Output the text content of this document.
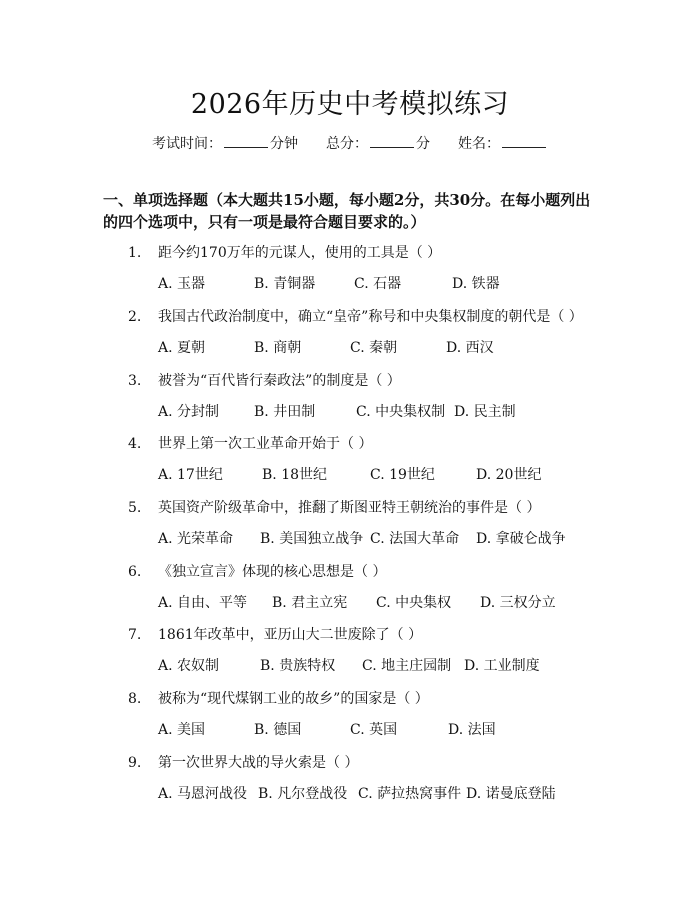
2026年历史中考模拟练习
考试时间：	分钟 总分：	分 姓名：
一、单项选择题（本大题共15小题，每小题2分，共30分。在每小题列出的四个选项中，只有一项是最符合题目要求的。）
1. 距今约170万年的元谋人，使用的工具是（ ）
A. 玉器	B. 青铜器	C. 石器	D. 铁器
2. 我国古代政治制度中，确立“皇帝”称号和中央集权制度的朝代是（ ）
A. 夏朝	B. 商朝	C. 秦朝	D. 西汉
3. 被誉为“百代皆行秦政法”的制度是（ ）
A. 分封制 B. 井田制	C. 中央集权制 D. 民主制
4. 世界上第一次工业革命开始于（ ）
A. 17世纪	B. 18世纪	C. 19世纪	D. 20世纪
5. 英国资产阶级革命中，推翻了斯图亚特王朝统治的事件是（ ）
A. 光荣革命 B. 美国独立战争 C. 法国大革命 D. 拿破仑战争
6. 《独立宣言》体现的核心思想是（ ）
A. 自由、平等 B. 君主立宪 C. 中央集权 D. 三权分立
7. 1861年改革中，亚历山大二世废除了（ ）
A. 农奴制	B. 贵族特权 C. 地主庄园制 D. 工业制度
8. 被称为“现代煤钢工业的故乡”的国家是（ ）
A. 美国	B. 德国	C. 英国	D. 法国
9. 第一次世界大战的导火索是（ ）
A. 马恩河战役 B. 凡尔登战役 C. 萨拉热窝事件 D. 诺曼底登陆
